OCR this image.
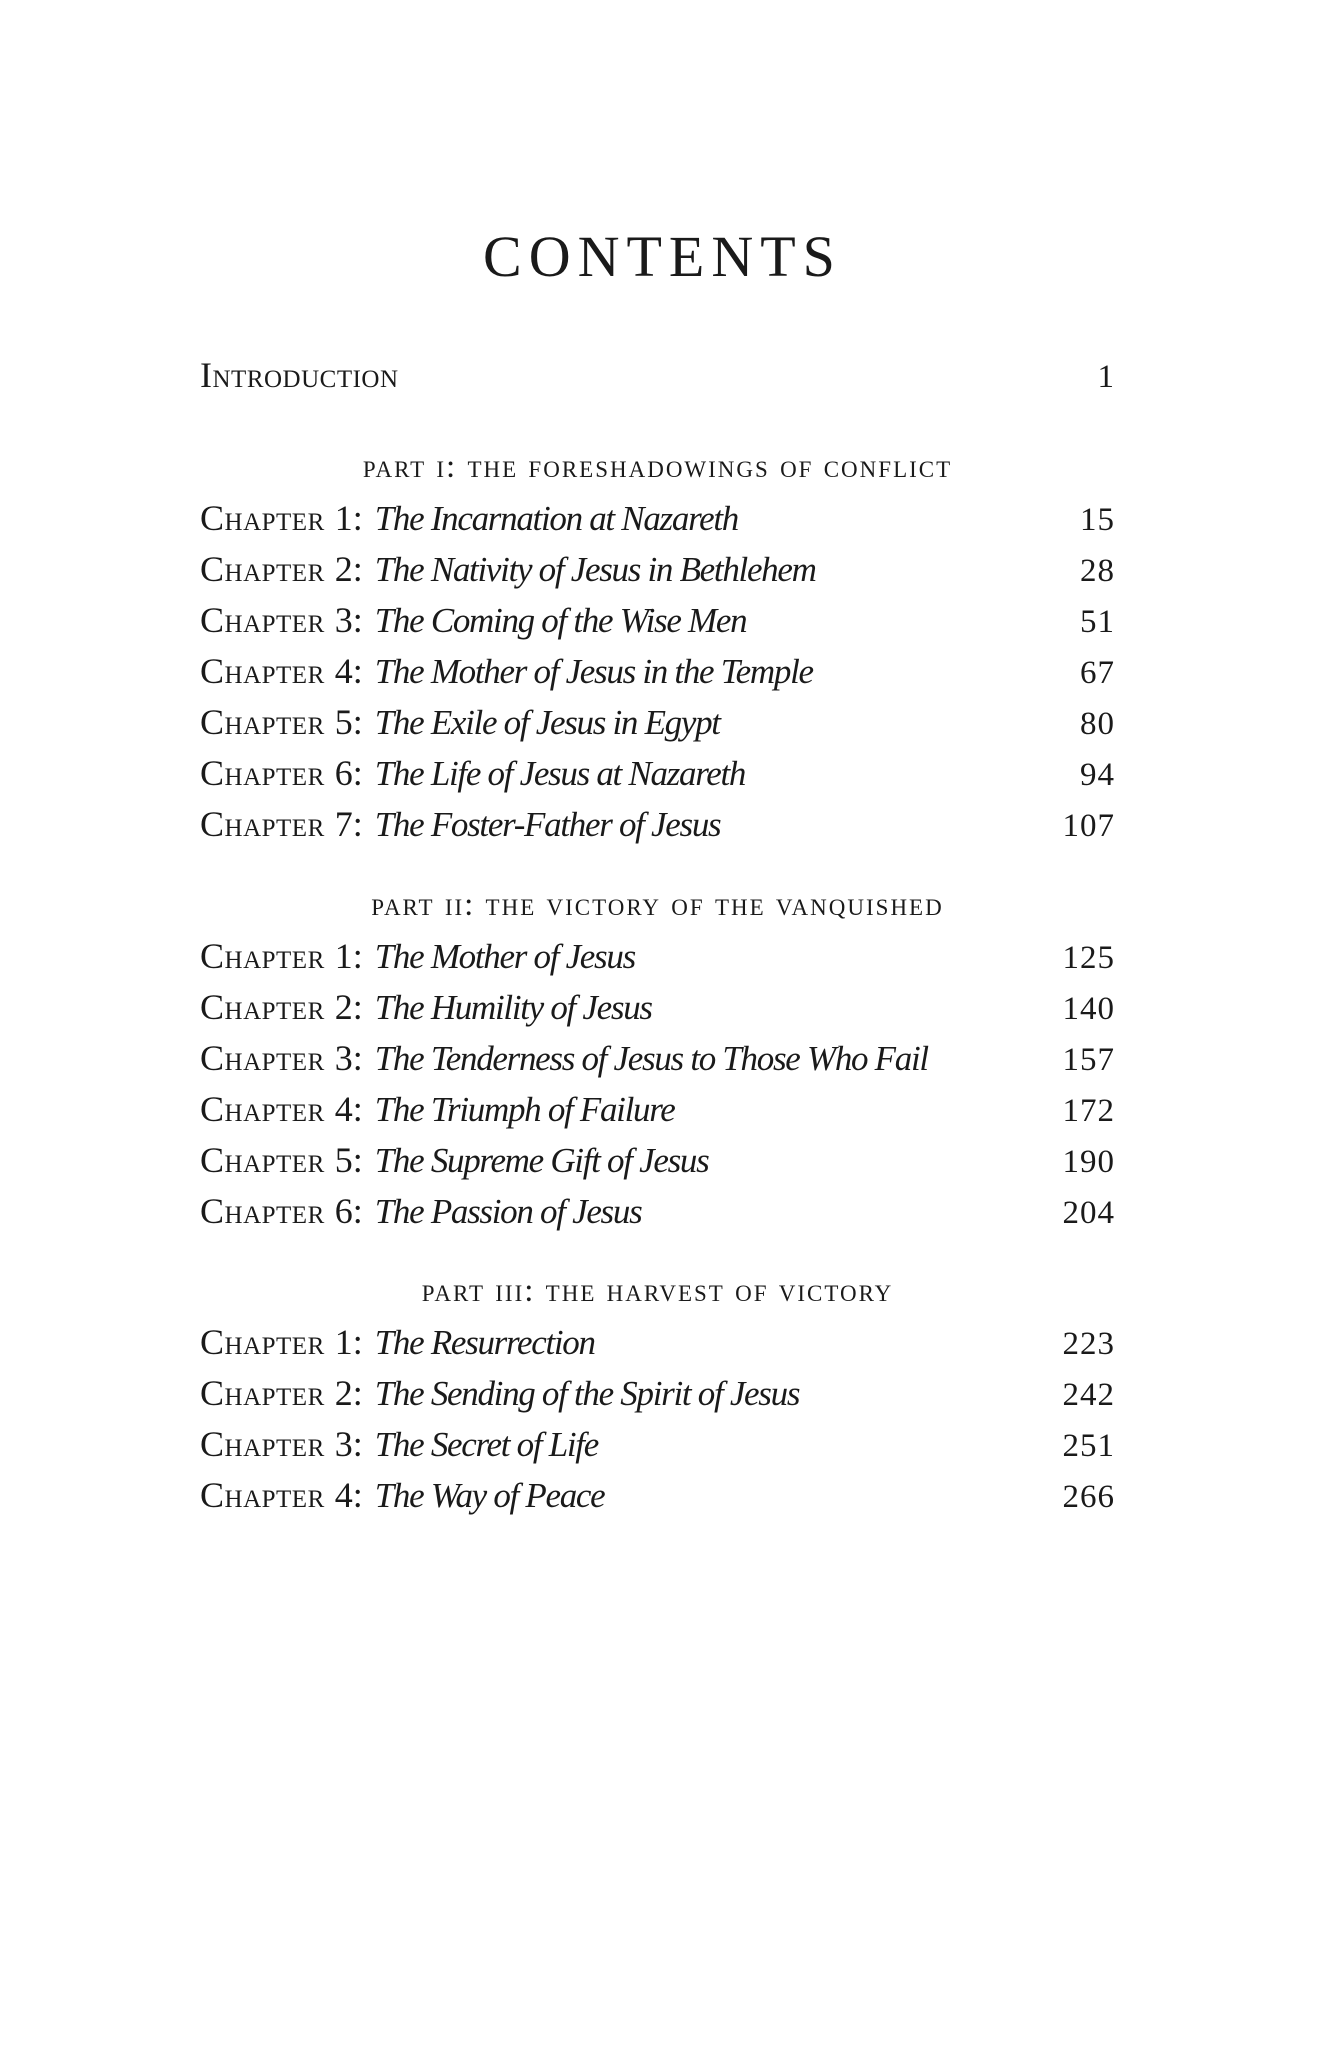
CONTENTS
Introduction	1
part i: the foreshadowings of conflict
Chapter 1 : The Incarnation at Nazareth	15
Chapter 2 : The Nativity of Jesus in Bethlehem	28
Chapter 3 : The Coming of the Wise Men	51
Chapter 4 : The Mother of Jesus in the Temple	67
Chapter 5 : The Exile of Jesus in Egypt	80
Chapter 6 : The Life of Jesus at Nazareth	94
Chapter 7 : The Foster-Father of Jesus	107
part ii: the victory of the vanquished
Chapter 1 : The Mother of Jesus	125
Chapter 2 : The Humility of Jesus	140
Chapter 3 : The Tenderness of Jesus to Those Who Fail	157
Chapter 4 : The Triumph of Failure	172
Chapter 5 : The Supreme Gift of Jesus	190
Chapter 6 : The Passion of Jesus	204
part iii: the harvest of victory
Chapter 1 : The Resurrection	223
Chapter 2 : The Sending of the Spirit of Jesus	242
Chapter 3 : The Secret of Life	251
Chapter 4 : The Way of Peace	266
